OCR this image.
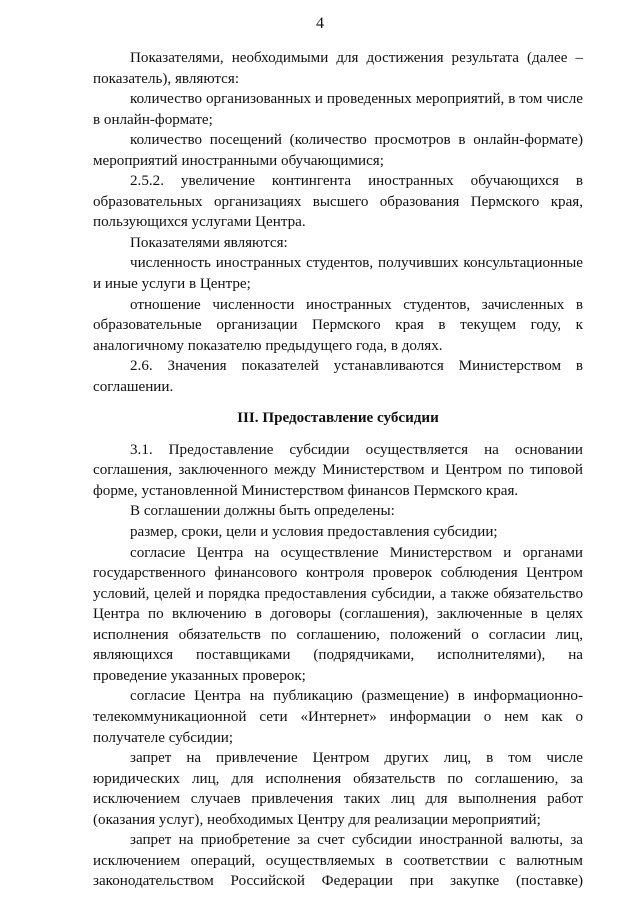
4

Показателями, необходимыми для достижения результата (далее – показатель), являются:

количество организованных и проведенных мероприятий, в том числе в онлайн-формате;

количество посещений (количество просмотров в онлайн-формате) мероприятий иностранными обучающимися;

2.5.2. увеличение контингента иностранных обучающихся в образовательных организациях высшего образования Пермского края, пользующихся услугами Центра.

Показателями являются:

численность иностранных студентов, получивших консультационные и иные услуги в Центре;

отношение численности иностранных студентов, зачисленных в образовательные организации Пермского края в текущем году, к аналогичному показателю предыдущего года, в долях.

2.6. Значения показателей устанавливаются Министерством в соглашении.

III. Предоставление субсидии

3.1. Предоставление субсидии осуществляется на основании соглашения, заключенного между Министерством и Центром по типовой форме, установленной Министерством финансов Пермского края.

В соглашении должны быть определены:

размер, сроки, цели и условия предоставления субсидии;

согласие Центра на осуществление Министерством и органами государственного финансового контроля проверок соблюдения Центром условий, целей и порядка предоставления субсидии, а также обязательство Центра по включению в договоры (соглашения), заключенные в целях исполнения обязательств по соглашению, положений о согласии лиц, являющихся поставщиками (подрядчиками, исполнителями), на проведение указанных проверок;

согласие Центра на публикацию (размещение) в информационно-телекоммуникационной сети «Интернет» информации о нем как о получателе субсидии;

запрет на привлечение Центром других лиц, в том числе юридических лиц, для исполнения обязательств по соглашению, за исключением случаев привлечения таких лиц для выполнения работ (оказания услуг), необходимых Центру для реализации мероприятий;

запрет на приобретение за счет субсидии иностранной валюты, за исключением операций, осуществляемых в соответствии с валютным законодательством Российской Федерации при закупке (поставке)
